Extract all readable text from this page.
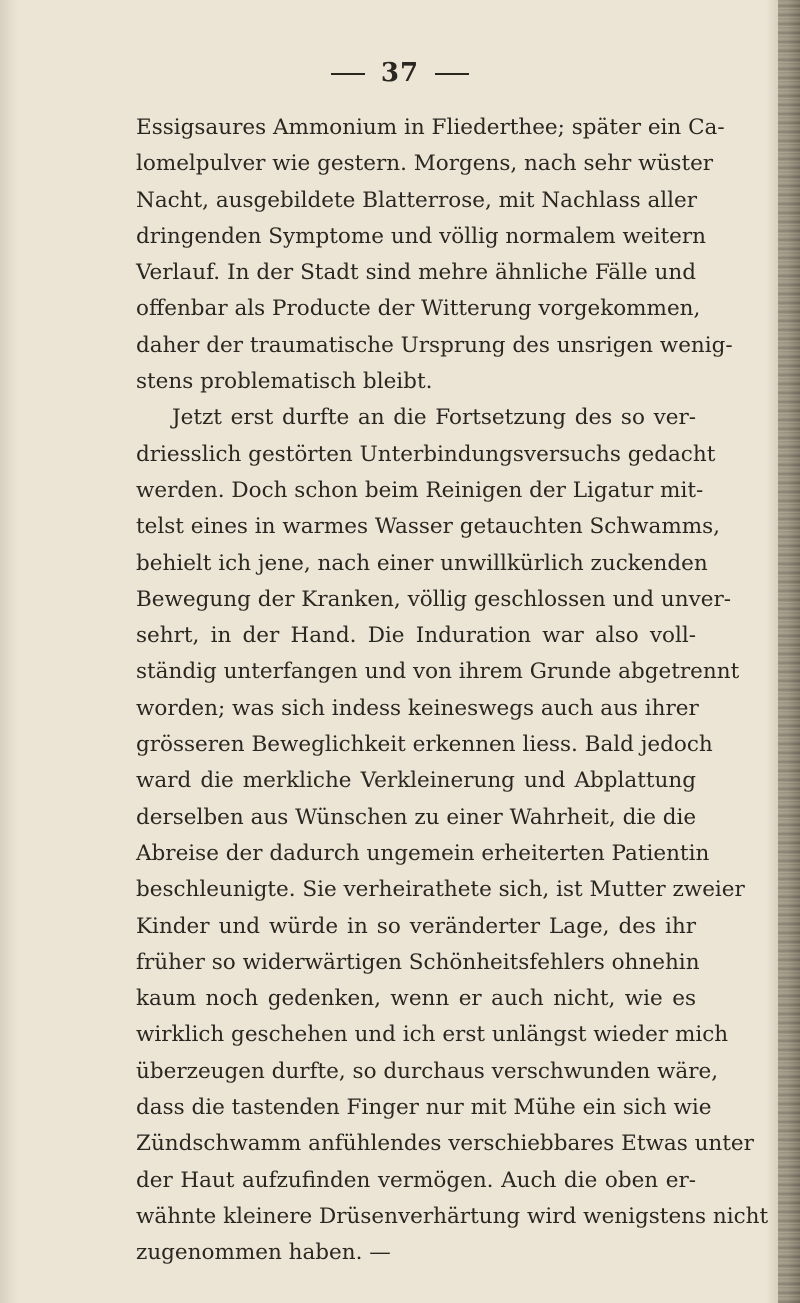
37
Essigsaures Ammonium in Fliederthee; später ein Ca-
lomelpulver wie gestern. Morgens, nach sehr wüster
Nacht, ausgebildete Blatterrose, mit Nachlass aller
dringenden Symptome und völlig normalem weitern
Verlauf. In der Stadt sind mehre ähnliche Fälle und
offenbar als Producte der Witterung vorgekommen,
daher der traumatische Ursprung des unsrigen wenig-
stens problematisch bleibt.
Jetzt erst durfte an die Fortsetzung des so ver-
driesslich gestörten Unterbindungsversuchs gedacht
werden. Doch schon beim Reinigen der Ligatur mit-
telst eines in warmes Wasser getauchten Schwamms,
behielt ich jene, nach einer unwillkürlich zuckenden
Bewegung der Kranken, völlig geschlossen und unver-
sehrt, in der Hand. Die Induration war also voll-
ständig unterfangen und von ihrem Grunde abgetrennt
worden; was sich indess keineswegs auch aus ihrer
grösseren Beweglichkeit erkennen liess. Bald jedoch
ward die merkliche Verkleinerung und Abplattung
derselben aus Wünschen zu einer Wahrheit, die die
Abreise der dadurch ungemein erheiterten Patientin
beschleunigte. Sie verheirathete sich, ist Mutter zweier
Kinder und würde in so veränderter Lage, des ihr
früher so widerwärtigen Schönheitsfehlers ohnehin
kaum noch gedenken, wenn er auch nicht, wie es
wirklich geschehen und ich erst unlängst wieder mich
überzeugen durfte, so durchaus verschwunden wäre,
dass die tastenden Finger nur mit Mühe ein sich wie
Zündschwamm anfühlendes verschiebbares Etwas unter
der Haut aufzufinden vermögen. Auch die oben er-
wähnte kleinere Drüsenverhärtung wird wenigstens nicht
zugenommen haben. —
